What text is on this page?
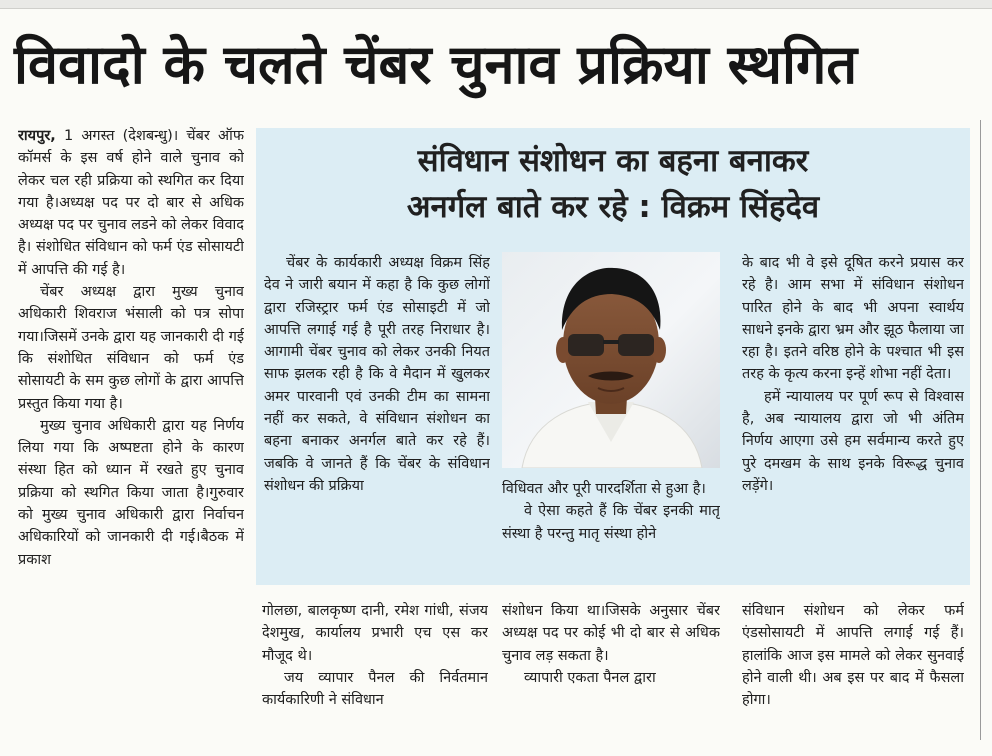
विवादो के चलते चेंबर चुनाव प्रक्रिया स्थगित

रायपुर, 1 अगस्त (देशबन्धु)। चेंबर ऑफ कॉमर्स के इस वर्ष होने वाले चुनाव को लेकर चल रही प्रक्रिया को स्थगित कर दिया गया है।अध्यक्ष पद पर दो बार से अधिक अध्यक्ष पद पर चुनाव लडने को लेकर विवाद है। संशोधित संविधान को फर्म एंड सोसायटी में आपत्ति की गई है।

चेंबर अध्यक्ष द्वारा मुख्य चुनाव अधिकारी शिवराज भंसाली को पत्र सोपा गया।जिसमें उनके द्वारा यह जानकारी दी गई कि संशोधित संविधान को फर्म एंड सोसायटी के सम कुछ लोगों के द्वारा आपत्ति प्रस्तुत किया गया है।

मुख्य चुनाव अधिकारी द्वारा यह निर्णय लिया गया कि अष्पष्टता होने के कारण संस्था हित को ध्यान में रखते हुए चुनाव प्रक्रिया को स्थगित किया जाता है।गुरुवार को मुख्य चुनाव अधिकारी द्वारा निर्वाचन अधिकारियों को जानकारी दी गई।बैठक में प्रकाश

संविधान संशोधन का बहना बनाकर
अनर्गल बाते कर रहे : विक्रम सिंहदेव

चेंबर के कार्यकारी अध्यक्ष विक्रम सिंह देव ने जारी बयान में कहा है कि कुछ लोगों द्वारा रजिस्ट्रार फर्म एंड सोसाइटी में जो आपत्ति लगाई गई है पूरी तरह निराधार है। आगामी चेंबर चुनाव को लेकर उनकी नियत साफ झलक रही है कि वे मैदान में खुलकर अमर पारवानी एवं उनकी टीम का सामना नहीं कर सकते, वे संविधान संशोधन का बहना बनाकर अनर्गल बाते कर रहे हैं।जबकि वे जानते हैं कि चेंबर के संविधान संशोधन की प्रक्रिया	विधिवत और पूरी पारदर्शिता से हुआ है।

वे ऐसा कहते हैं कि चेंबर इनकी मातृ संस्था है परन्तु मातृ संस्था होने

के बाद भी वे इसे दूषित करने प्रयास कर रहे है। आम सभा में संविधान संशोधन पारित होने के बाद भी अपना स्वार्थय साधने इनके द्वारा भ्रम और झूठ फैलाया जा रहा है। इतने वरिष्ठ होने के पश्चात भी इस तरह के कृत्य करना इन्हें शोभा नहीं देता।

हमें न्यायालय पर पूर्ण रूप से विश्वास है, अब न्यायालय द्वारा जो भी अंतिम निर्णय आएगा उसे हम सर्वमान्य करते हुए पुरे दमखम के साथ इनके विरूद्ध चुनाव लड़ेंगे।

गोलछा, बालकृष्ण दानी, रमेश गांधी, संजय देशमुख, कार्यालय प्रभारी एच एस कर मौजूद थे।

जय व्यापार पैनल की निर्वतमान कार्यकारिणी ने संविधान

संशोधन किया था।जिसके अनुसार चेंबर अध्यक्ष पद पर कोई भी दो बार से अधिक चुनाव लड़ सकता है।

व्यापारी एकता पैनल द्वारा

संविधान संशोधन को लेकर फर्म एंडसोसायटी में आपत्ति लगाई गई हैं। हालांकि आज इस मामले को लेकर सुनवाई होने वाली थी। अब इस पर बाद में फैसला होगा।
